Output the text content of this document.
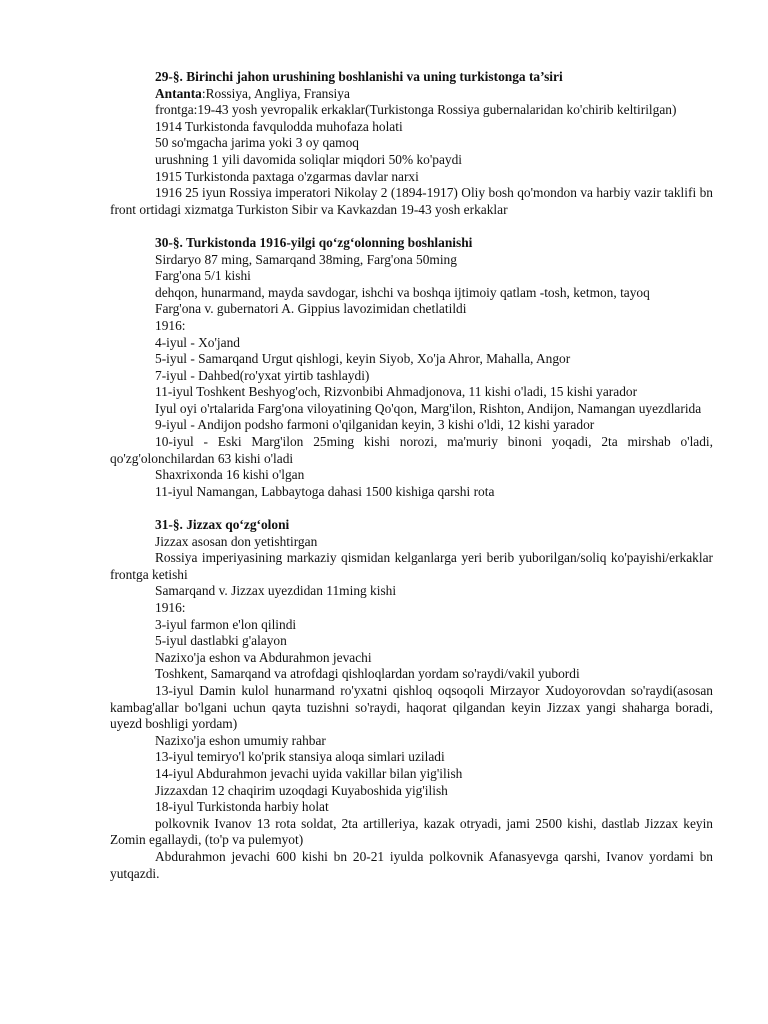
29-§. Birinchi jahon urushining boshlanishi va uning turkistonga ta’siri

Antanta:Rossiya, Angliya, Fransiya

frontga:19-43 yosh yevropalik erkaklar(Turkistonga Rossiya gubernalaridan ko'chirib keltirilgan)

1914 Turkistonda favqulodda muhofaza holati

50 so'mgacha jarima yoki 3 oy qamoq

urushning 1 yili davomida soliqlar miqdori 50% ko'paydi

1915 Turkistonda paxtaga o'zgarmas davlar narxi

1916 25 iyun Rossiya imperatori Nikolay 2 (1894-1917) Oliy bosh qo'mondon va harbiy vazir taklifi bn front ortidagi xizmatga Turkiston Sibir va Kavkazdan 19-43 yosh erkaklar

30-§. Turkistonda 1916-yilgi qo‘zg‘olonning boshlanishi

Sirdaryo 87 ming, Samarqand 38ming, Farg'ona 50ming

Farg'ona 5/1 kishi

dehqon, hunarmand, mayda savdogar, ishchi va boshqa ijtimoiy qatlam -tosh, ketmon, tayoq

Farg'ona v. gubernatori A. Gippius lavozimidan chetlatildi

1916:

4-iyul - Xo'jand

5-iyul - Samarqand Urgut qishlogi, keyin Siyob, Xo'ja Ahror, Mahalla, Angor

7-iyul - Dahbed(ro'yxat yirtib tashlaydi)

11-iyul Toshkent Beshyog'och, Rizvonbibi Ahmadjonova, 11 kishi o'ladi, 15 kishi yarador

Iyul oyi o'rtalarida Farg'ona viloyatining Qo'qon, Marg'ilon, Rishton, Andijon, Namangan uyezdlarida

9-iyul - Andijon podsho farmoni o'qilganidan keyin, 3 kishi o'ldi, 12 kishi yarador

10-iyul - Eski Marg'ilon 25ming kishi norozi, ma'muriy binoni yoqadi, 2ta mirshab o'ladi, qo'zg'olonchilardan 63 kishi o'ladi

Shaxrixonda 16 kishi o'lgan

11-iyul Namangan, Labbaytoga dahasi 1500 kishiga qarshi rota

31-§. Jizzax qo‘zg‘oloni

Jizzax asosan don yetishtirgan

Rossiya imperiyasining markaziy qismidan kelganlarga yeri berib yuborilgan/soliq ko'payishi/erkaklar frontga ketishi

Samarqand v. Jizzax uyezdidan 11ming kishi

1916:

3-iyul farmon e'lon qilindi

5-iyul dastlabki g'alayon

Nazixo'ja eshon va Abdurahmon jevachi

Toshkent, Samarqand va atrofdagi qishloqlardan yordam so'raydi/vakil yubordi

13-iyul Damin kulol hunarmand ro'yxatni qishloq oqsoqoli Mirzayor Xudoyorovdan so'raydi(asosan kambag'allar bo'lgani uchun qayta tuzishni so'raydi, haqorat qilgandan keyin Jizzax yangi shaharga boradi, uyezd boshligi yordam)

Nazixo'ja eshon umumiy rahbar

13-iyul temiryo'l ko'prik stansiya aloqa simlari uziladi

14-iyul Abdurahmon jevachi uyida vakillar bilan yig'ilish

Jizzaxdan 12 chaqirim uzoqdagi Kuyaboshida yig'ilish

18-iyul Turkistonda harbiy holat

polkovnik Ivanov 13 rota soldat, 2ta artilleriya, kazak otryadi, jami 2500 kishi, dastlab Jizzax keyin Zomin egallaydi, (to'p va pulemyot)

Abdurahmon jevachi 600 kishi bn 20-21 iyulda polkovnik Afanasyevga qarshi, Ivanov yordami bn yutqazdi.
